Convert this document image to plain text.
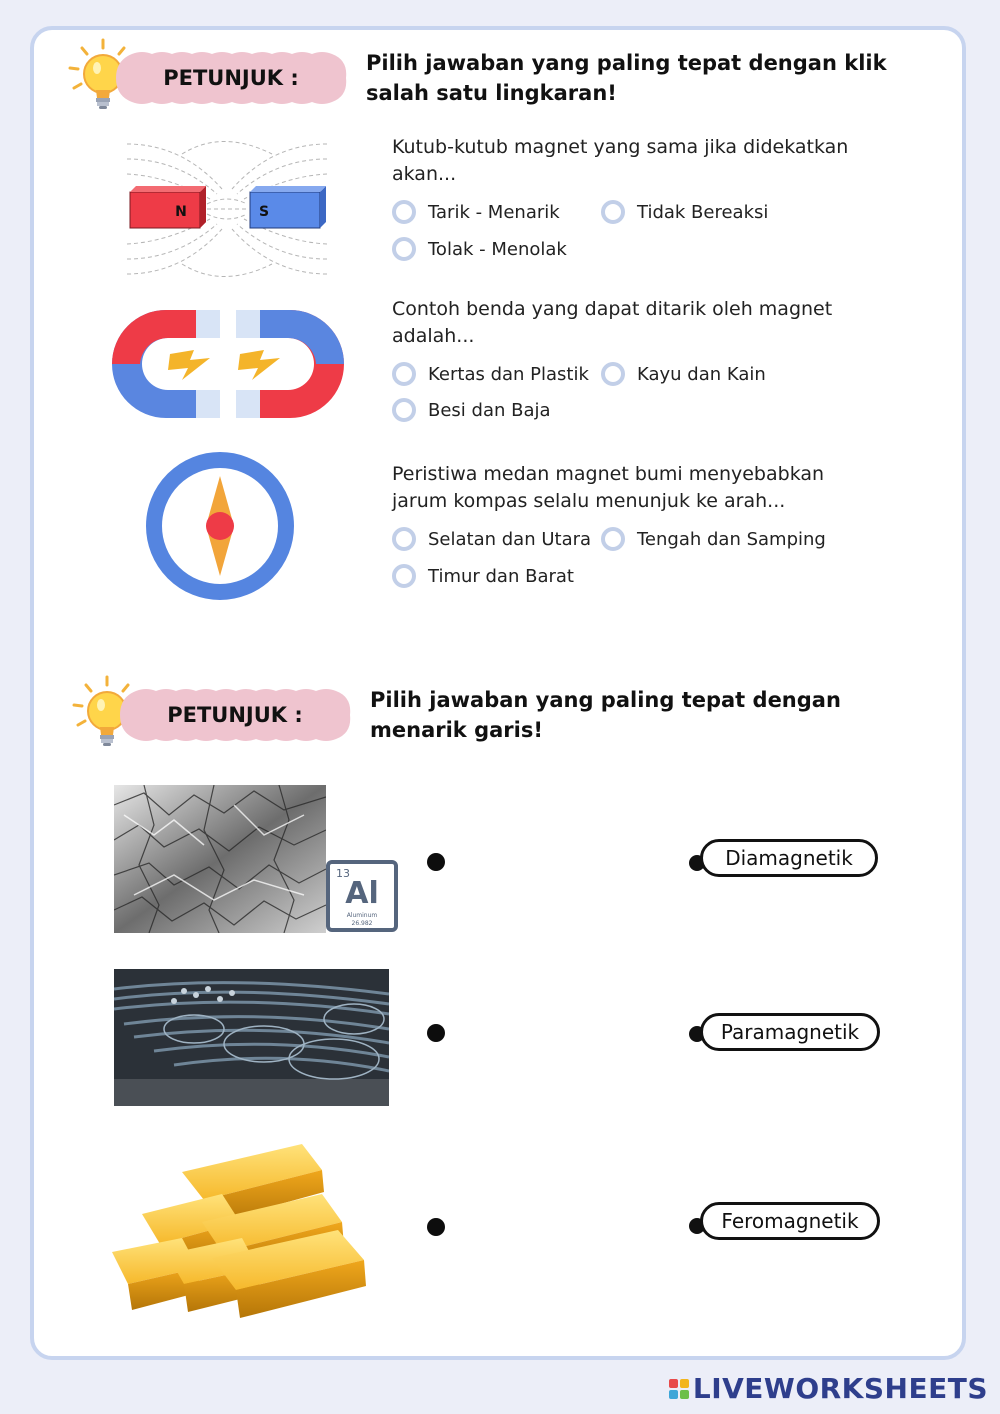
PETUNJUK :
Pilih jawaban yang paling tepat dengan klik salah satu lingkaran!
N	S
Kutub-kutub magnet yang sama jika didekatkan akan...
Tarik - Menarik	Tidak Bereaksi
Tolak - Menolak
Contoh benda yang dapat ditarik oleh magnet adalah...
Kertas dan Plastik	Kayu dan Kain
Besi dan Baja
Peristiwa medan magnet bumi menyebabkan jarum kompas selalu menunjuk ke arah...
Selatan dan Utara	Tengah dan Samping
Timur dan Barat
PETUNJUK :
Pilih jawaban yang paling tepat dengan menarik garis!
13
Al
Aluminum
26.982
Diamagnetik
Paramagnetik
Feromagnetik
LIVEWORKSHEETS
